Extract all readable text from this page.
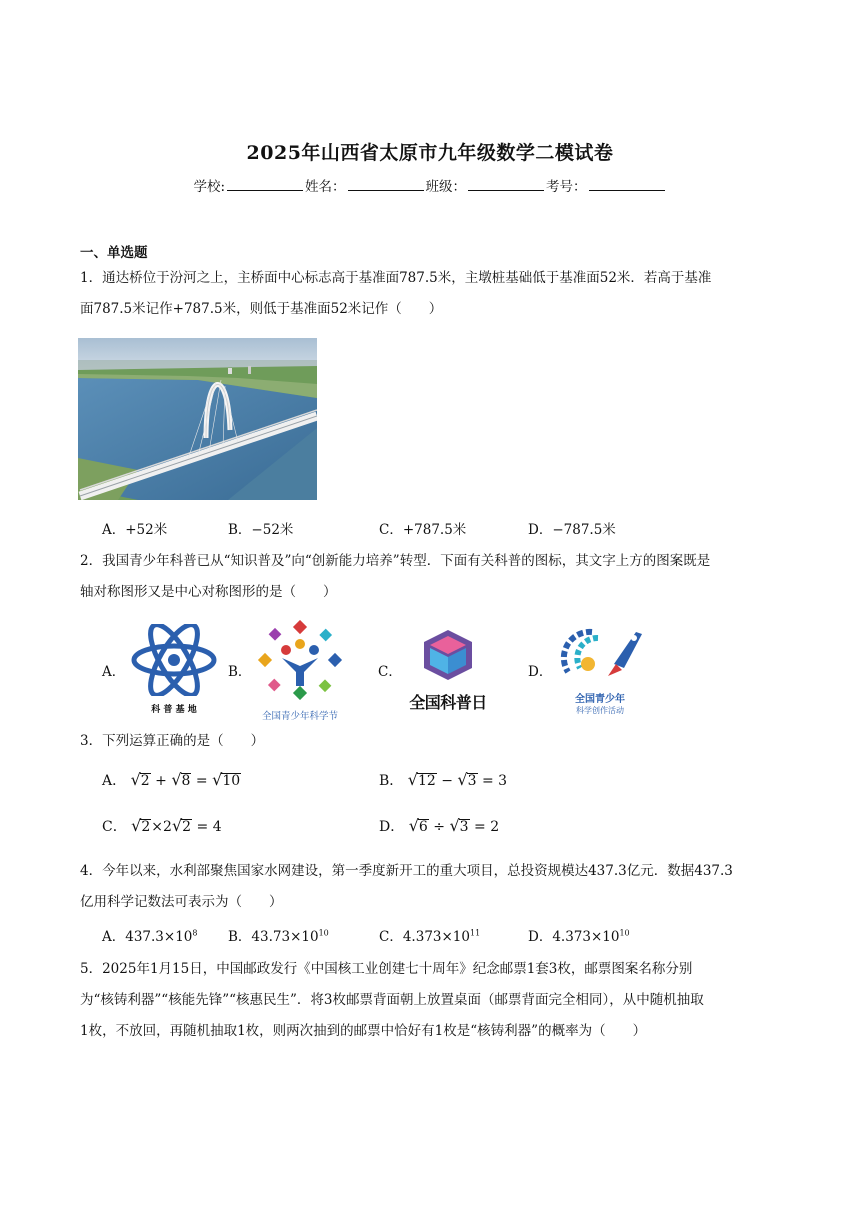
2025年山西省太原市九年级数学二模试卷
学校:	姓名：	班级：	考号：
一、单选题
1．通达桥位于汾河之上，主桥面中心标志高于基准面787.5米，主墩桩基础低于基准面52米．若高于基准
面787.5米记作+787.5米，则低于基准面52米记作（　　）
A．+52米	B．−52米	C．+787.5米	D．−787.5米
2．我国青少年科普已从“知识普及”向“创新能力培养”转型．下面有关科普的图标，其文字上方的图案既是
轴对称图形又是中心对称图形的是（　　）
A．	B．	C．	D．
科 普 基 地
全国青少年科学节
全国科普日	全国青少年
科学创作活动
3．下列运算正确的是（　　）
A． √2 + √8 = √10	B． √12 − √3 = 3
C． √2×2√2 = 4	D． √6 ÷ √3 = 2
4．今年以来，水利部聚焦国家水网建设，第一季度新开工的重大项目，总投资规模达437.3亿元．数据437.3
亿用科学记数法可表示为（　　）
A．$437.3\times 10^8$ B．$43.73\times 10^{10}$	C．$4.373\times 10^{11}$	D．$4.373\times 10^{10}$
5．2025年1月15日，中国邮政发行《中国核工业创建七十周年》纪念邮票1套3枚，邮票图案名称分别
为“核铸利器”“核能先锋”“核惠民生”．将3枚邮票背面朝上放置桌面（邮票背面完全相同），从中随机抽取
1枚，不放回，再随机抽取1枚，则两次抽到的邮票中恰好有1枚是“核铸利器”的概率为（　　）
